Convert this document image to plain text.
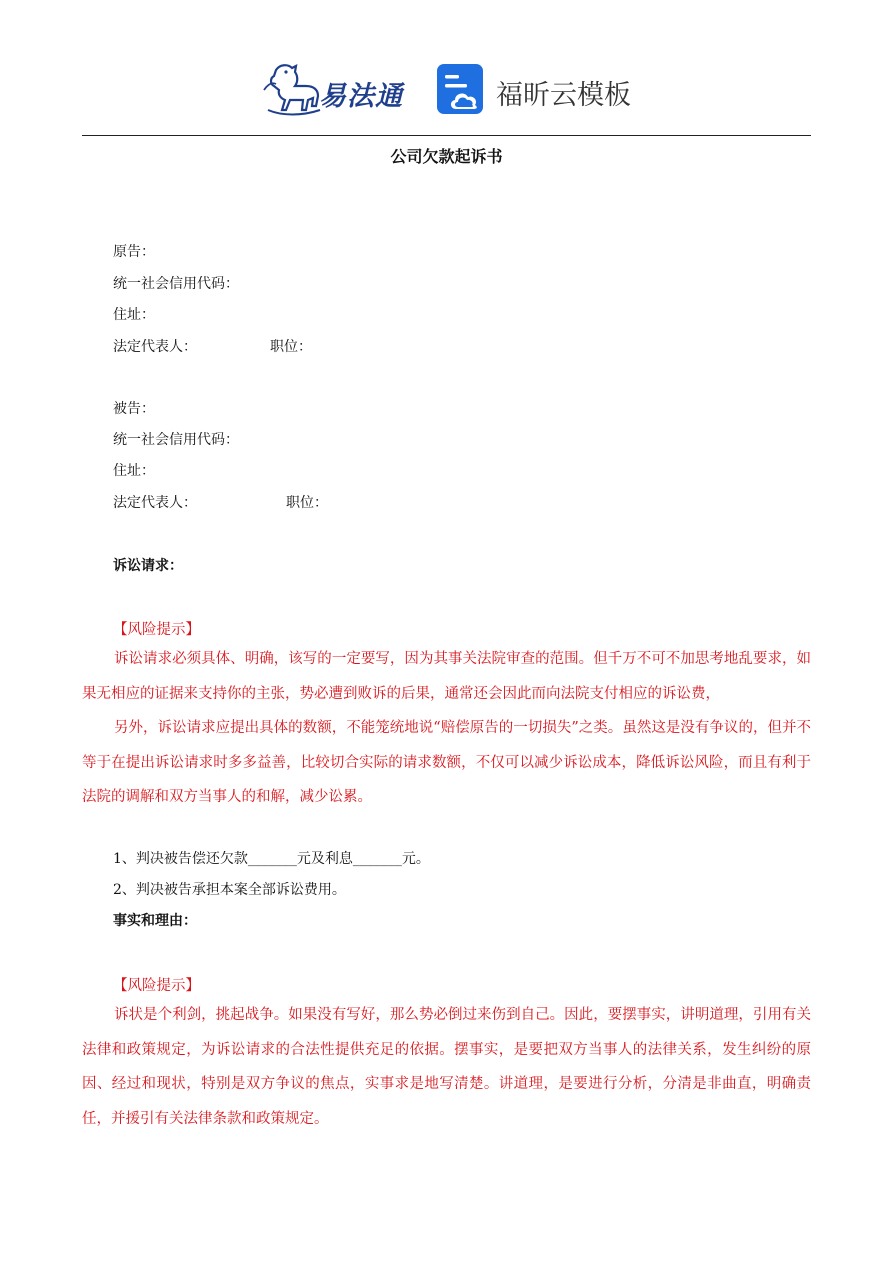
易法通	福昕云模板
公司欠款起诉书
原告：
统一社会信用代码：
住址：
法定代表人：	职位：
被告：
统一社会信用代码：
住址：
法定代表人：	职位：
诉讼请求：
【风险提示】

诉讼请求必须具体、明确，该写的一定要写，因为其事关法院审查的范围。但千万不可不加思考地乱要求，如果无相应的证据来支持你的主张，势必遭到败诉的后果，通常还会因此而向法院支付相应的诉讼费，

另外，诉讼请求应提出具体的数额，不能笼统地说“赔偿原告的一切损失”之类。虽然这是没有争议的，但并不等于在提出诉讼请求时多多益善，比较切合实际的请求数额，不仅可以减少诉讼成本，降低诉讼风险，而且有利于法院的调解和双方当事人的和解，减少讼累。

1、判决被告偿还欠款_______元及利息_______元。
2、判决被告承担本案全部诉讼费用。
事实和理由：
【风险提示】

诉状是个利剑，挑起战争。如果没有写好，那么势必倒过来伤到自己。因此，要摆事实，讲明道理，引用有关法律和政策规定，为诉讼请求的合法性提供充足的依据。摆事实，是要把双方当事人的法律关系，发生纠纷的原因、经过和现状，特别是双方争议的焦点，实事求是地写清楚。讲道理，是要进行分析，分清是非曲直，明确责任，并援引有关法律条款和政策规定。
